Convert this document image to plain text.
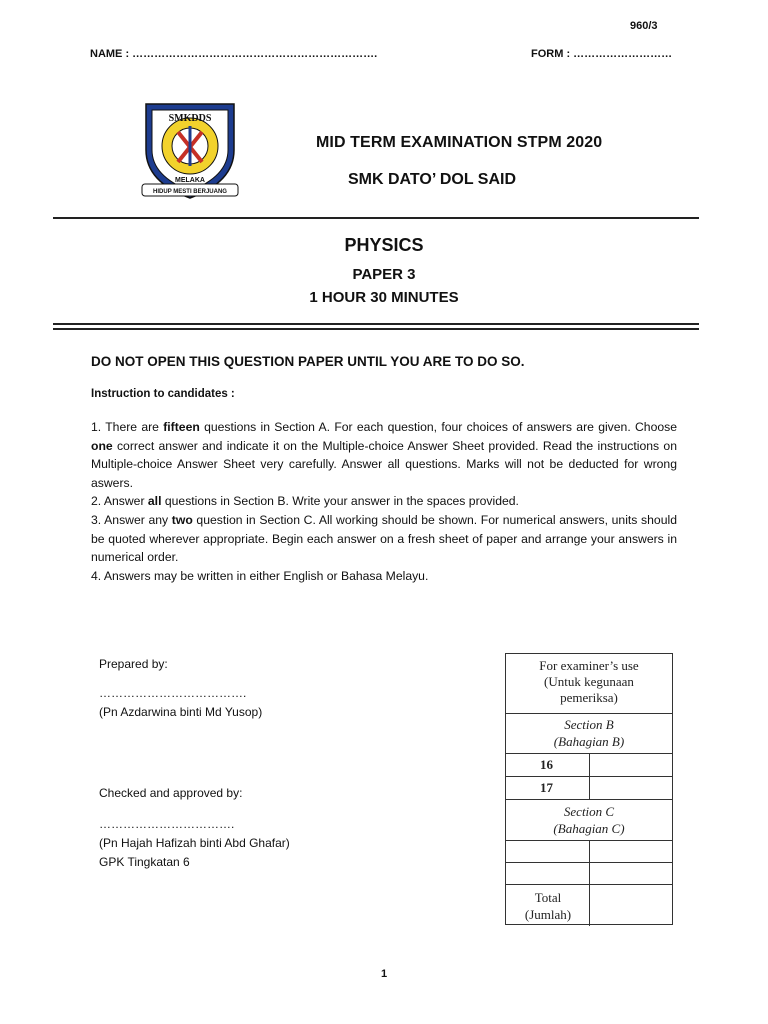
960/3
NAME : ………………………………………………………….	FORM : ………………………
SMKDDS
MELAKA
HIDUP MESTI BERJUANG
MID TERM EXAMINATION STPM 2020
SMK DATO’ DOL SAID
PHYSICS
PAPER 3
1 HOUR 30 MINUTES
DO NOT OPEN THIS QUESTION PAPER UNTIL YOU ARE TO DO SO.
Instruction to candidates :

1. There are fifteen questions in Section A. For each question, four choices of answers are given. Choose one correct answer and indicate it on the Multiple-choice Answer Sheet provided. Read the instructions on Multiple-choice Answer Sheet very carefully. Answer all questions. Marks will not be deducted for wrong aswers.

2. Answer all questions in Section B. Write your answer in the spaces provided.

3. Answer any two question in Section C. All working should be shown. For numerical answers, units should be quoted wherever appropriate. Begin each answer on a fresh sheet of paper and arrange your answers in numerical order.

4. Answers may be written in either English or Bahasa Melayu.

Prepared by:
……………………………….
(Pn Azdarwina binti Md Yusop)
Checked and approved by:
…………………………….
(Pn Hajah Hafizah binti Abd Ghafar)
GPK Tingkatan 6
For examiner’s use
(Untuk kegunaan
pemeriksa)
Section B
(Bahagian B)
16
17
Section C
(Bahagian C)
Total
(Jumlah)
1
